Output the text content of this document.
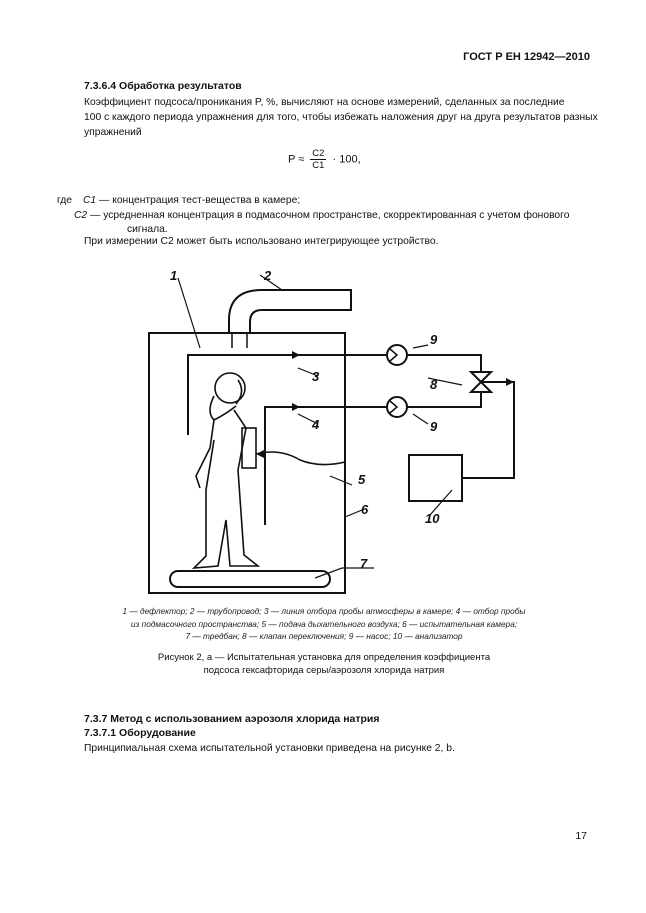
ГОСТ Р ЕН 12942—2010
7.3.6.4 Обработка результатов
Коэффициент подсоса/проникания P, %, вычисляют на основе измерений, сделанных за последние
100 с каждого периода упражнения для того, чтобы избежать наложения друг на друга результатов разных
упражнений
$P \approx \frac{C2}{C1} \cdot 100$,
где C1 — концентрация тест-вещества в камере;
C2 — усредненная концентрация в подмасочном пространстве, скорректированная с учетом фонового
сигнала.
При измерении C2 может быть использовано интегрирующее устройство.
1	2
3
4
5
6
7
8
9
9
10
1 — дефлектор; 2 — трубопровод; 3 — линия отбора пробы атмосферы в камере; 4 — отбор пробы
из подмасочного пространства; 5 — подача дыхательного воздуха; 6 — испытательная камера;
7 — тредбан; 8 — клапан переключения; 9 — насос; 10 — анализатор
Рисунок 2, а — Испытательная установка для определения коэффициента
подсоса гексафторида серы/аэрозоля хлорида натрия
7.3.7 Метод с использованием аэрозоля хлорида натрия
7.3.7.1 Оборудование
Принципиальная схема испытательной установки приведена на рисунке 2, b.
17
